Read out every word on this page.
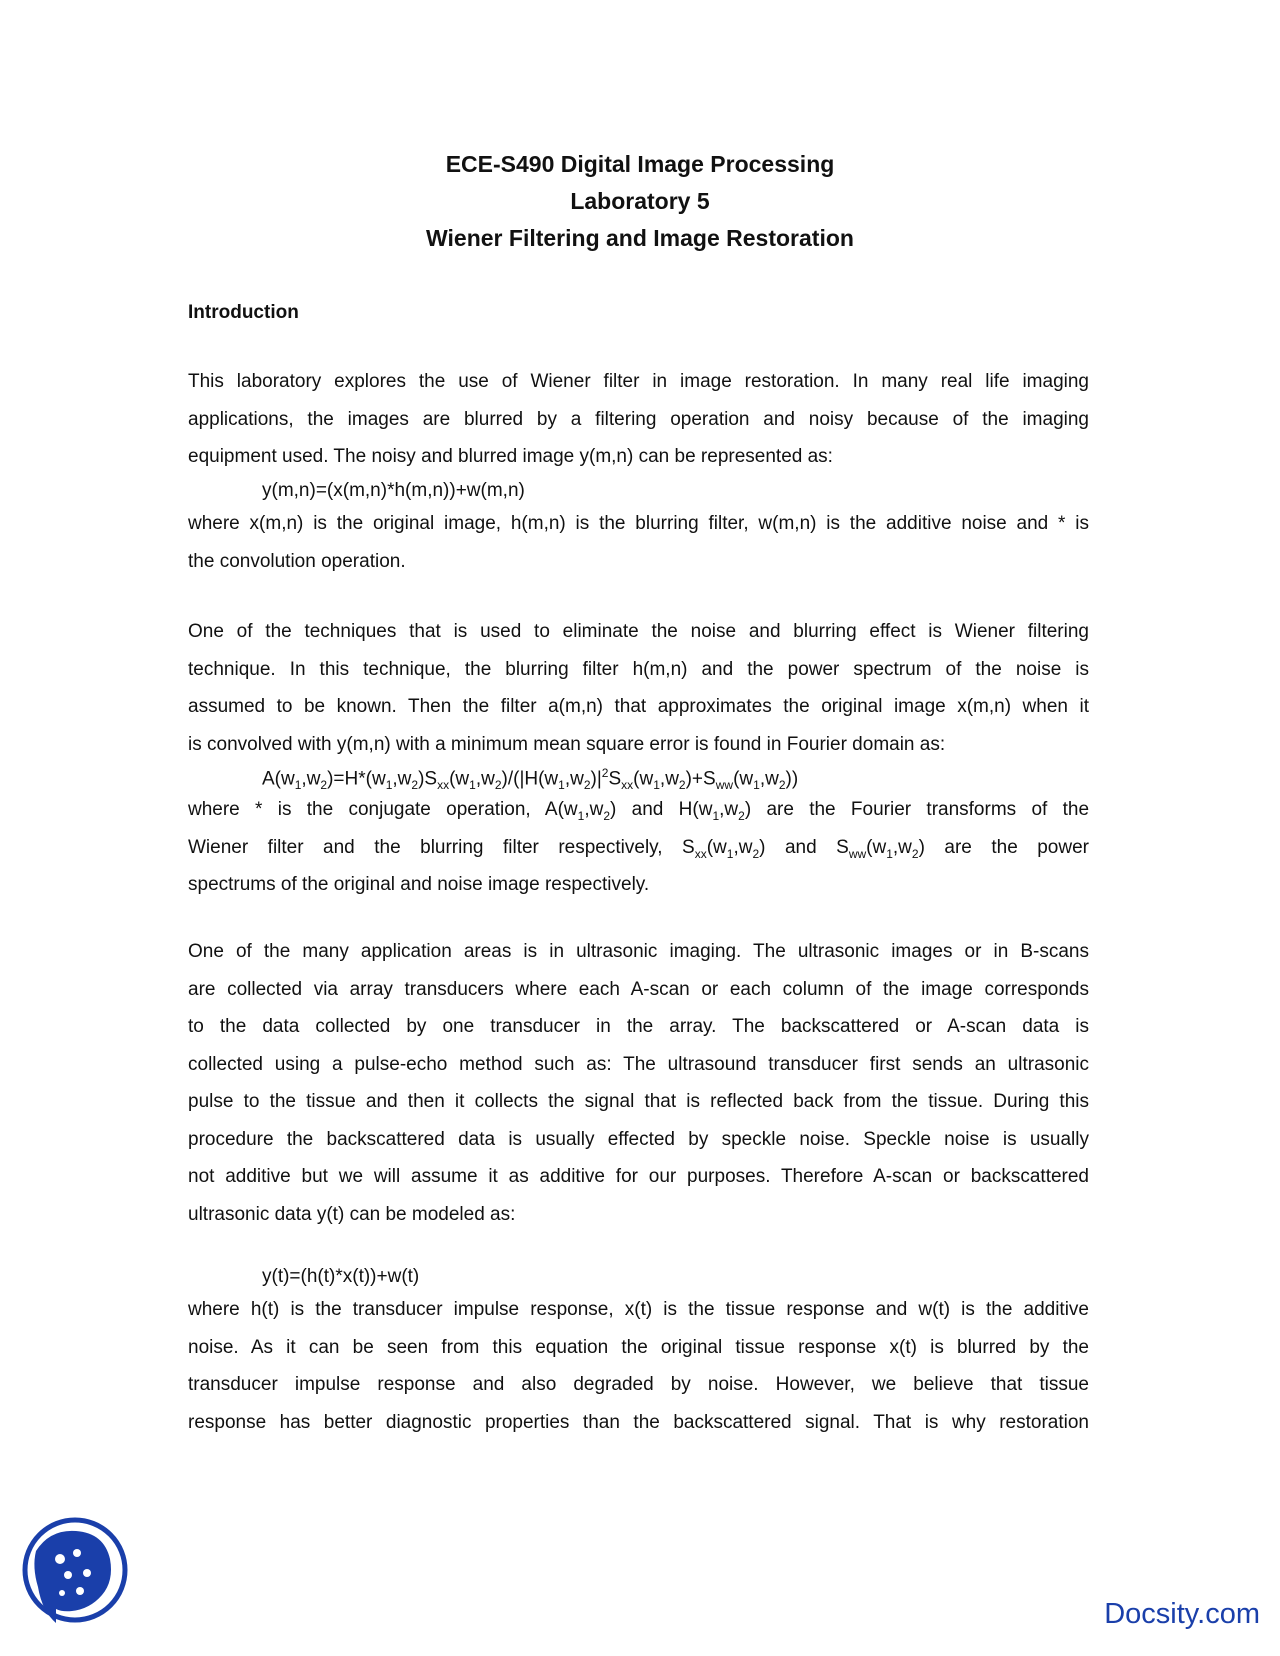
ECE-S490 Digital Image Processing
Laboratory 5
Wiener Filtering and Image Restoration
Introduction
This laboratory explores the use of Wiener filter in image restoration. In many real life imaging
applications, the images are blurred by a filtering operation and noisy because of the imaging
equipment used. The noisy and blurred image y(m,n) can be represented as:
y(m,n)=(x(m,n)*h(m,n))+w(m,n)
where x(m,n) is the original image, h(m,n) is the blurring filter, w(m,n) is the additive noise and * is
the convolution operation.
One of the techniques that is used to eliminate the noise and blurring effect is Wiener filtering
technique. In this technique, the blurring filter h(m,n) and the power spectrum of the noise is
assumed to be known. Then the filter a(m,n) that approximates the original image x(m,n) when it
is convolved with y(m,n) with a minimum mean square error is found in Fourier domain as:
$A(w_1,w_2)=H*(w_1,w_2)S_{xx}(w_1,w_2)/(|H(w_1,w_2)|^2S_{xx}(w_1,w_2)+S_{ww}(w_1,w_2))$
where * is the conjugate operation, $A(w_1,w_2)$ and $H(w_1,w_2)$ are the Fourier transforms of the
Wiener filter and the blurring filter respectively, $S_{xx}(w_1,w_2)$ and $S_{ww}(w_1,w_2)$ are the power
spectrums of the original and noise image respectively.
One of the many application areas is in ultrasonic imaging. The ultrasonic images or in B-scans
are collected via array transducers where each A-scan or each column of the image corresponds
to the data collected by one transducer in the array. The backscattered or A-scan data is
collected using a pulse-echo method such as: The ultrasound transducer first sends an ultrasonic
pulse to the tissue and then it collects the signal that is reflected back from the tissue. During this
procedure the backscattered data is usually effected by speckle noise. Speckle noise is usually
not additive but we will assume it as additive for our purposes. Therefore A-scan or backscattered
ultrasonic data y(t) can be modeled as:
y(t)=(h(t)*x(t))+w(t)
where h(t) is the transducer impulse response, x(t) is the tissue response and w(t) is the additive
noise. As it can be seen from this equation the original tissue response x(t) is blurred by the
transducer impulse response and also degraded by noise. However, we believe that tissue
response has better diagnostic properties than the backscattered signal. That is why restoration
Docsity.com
